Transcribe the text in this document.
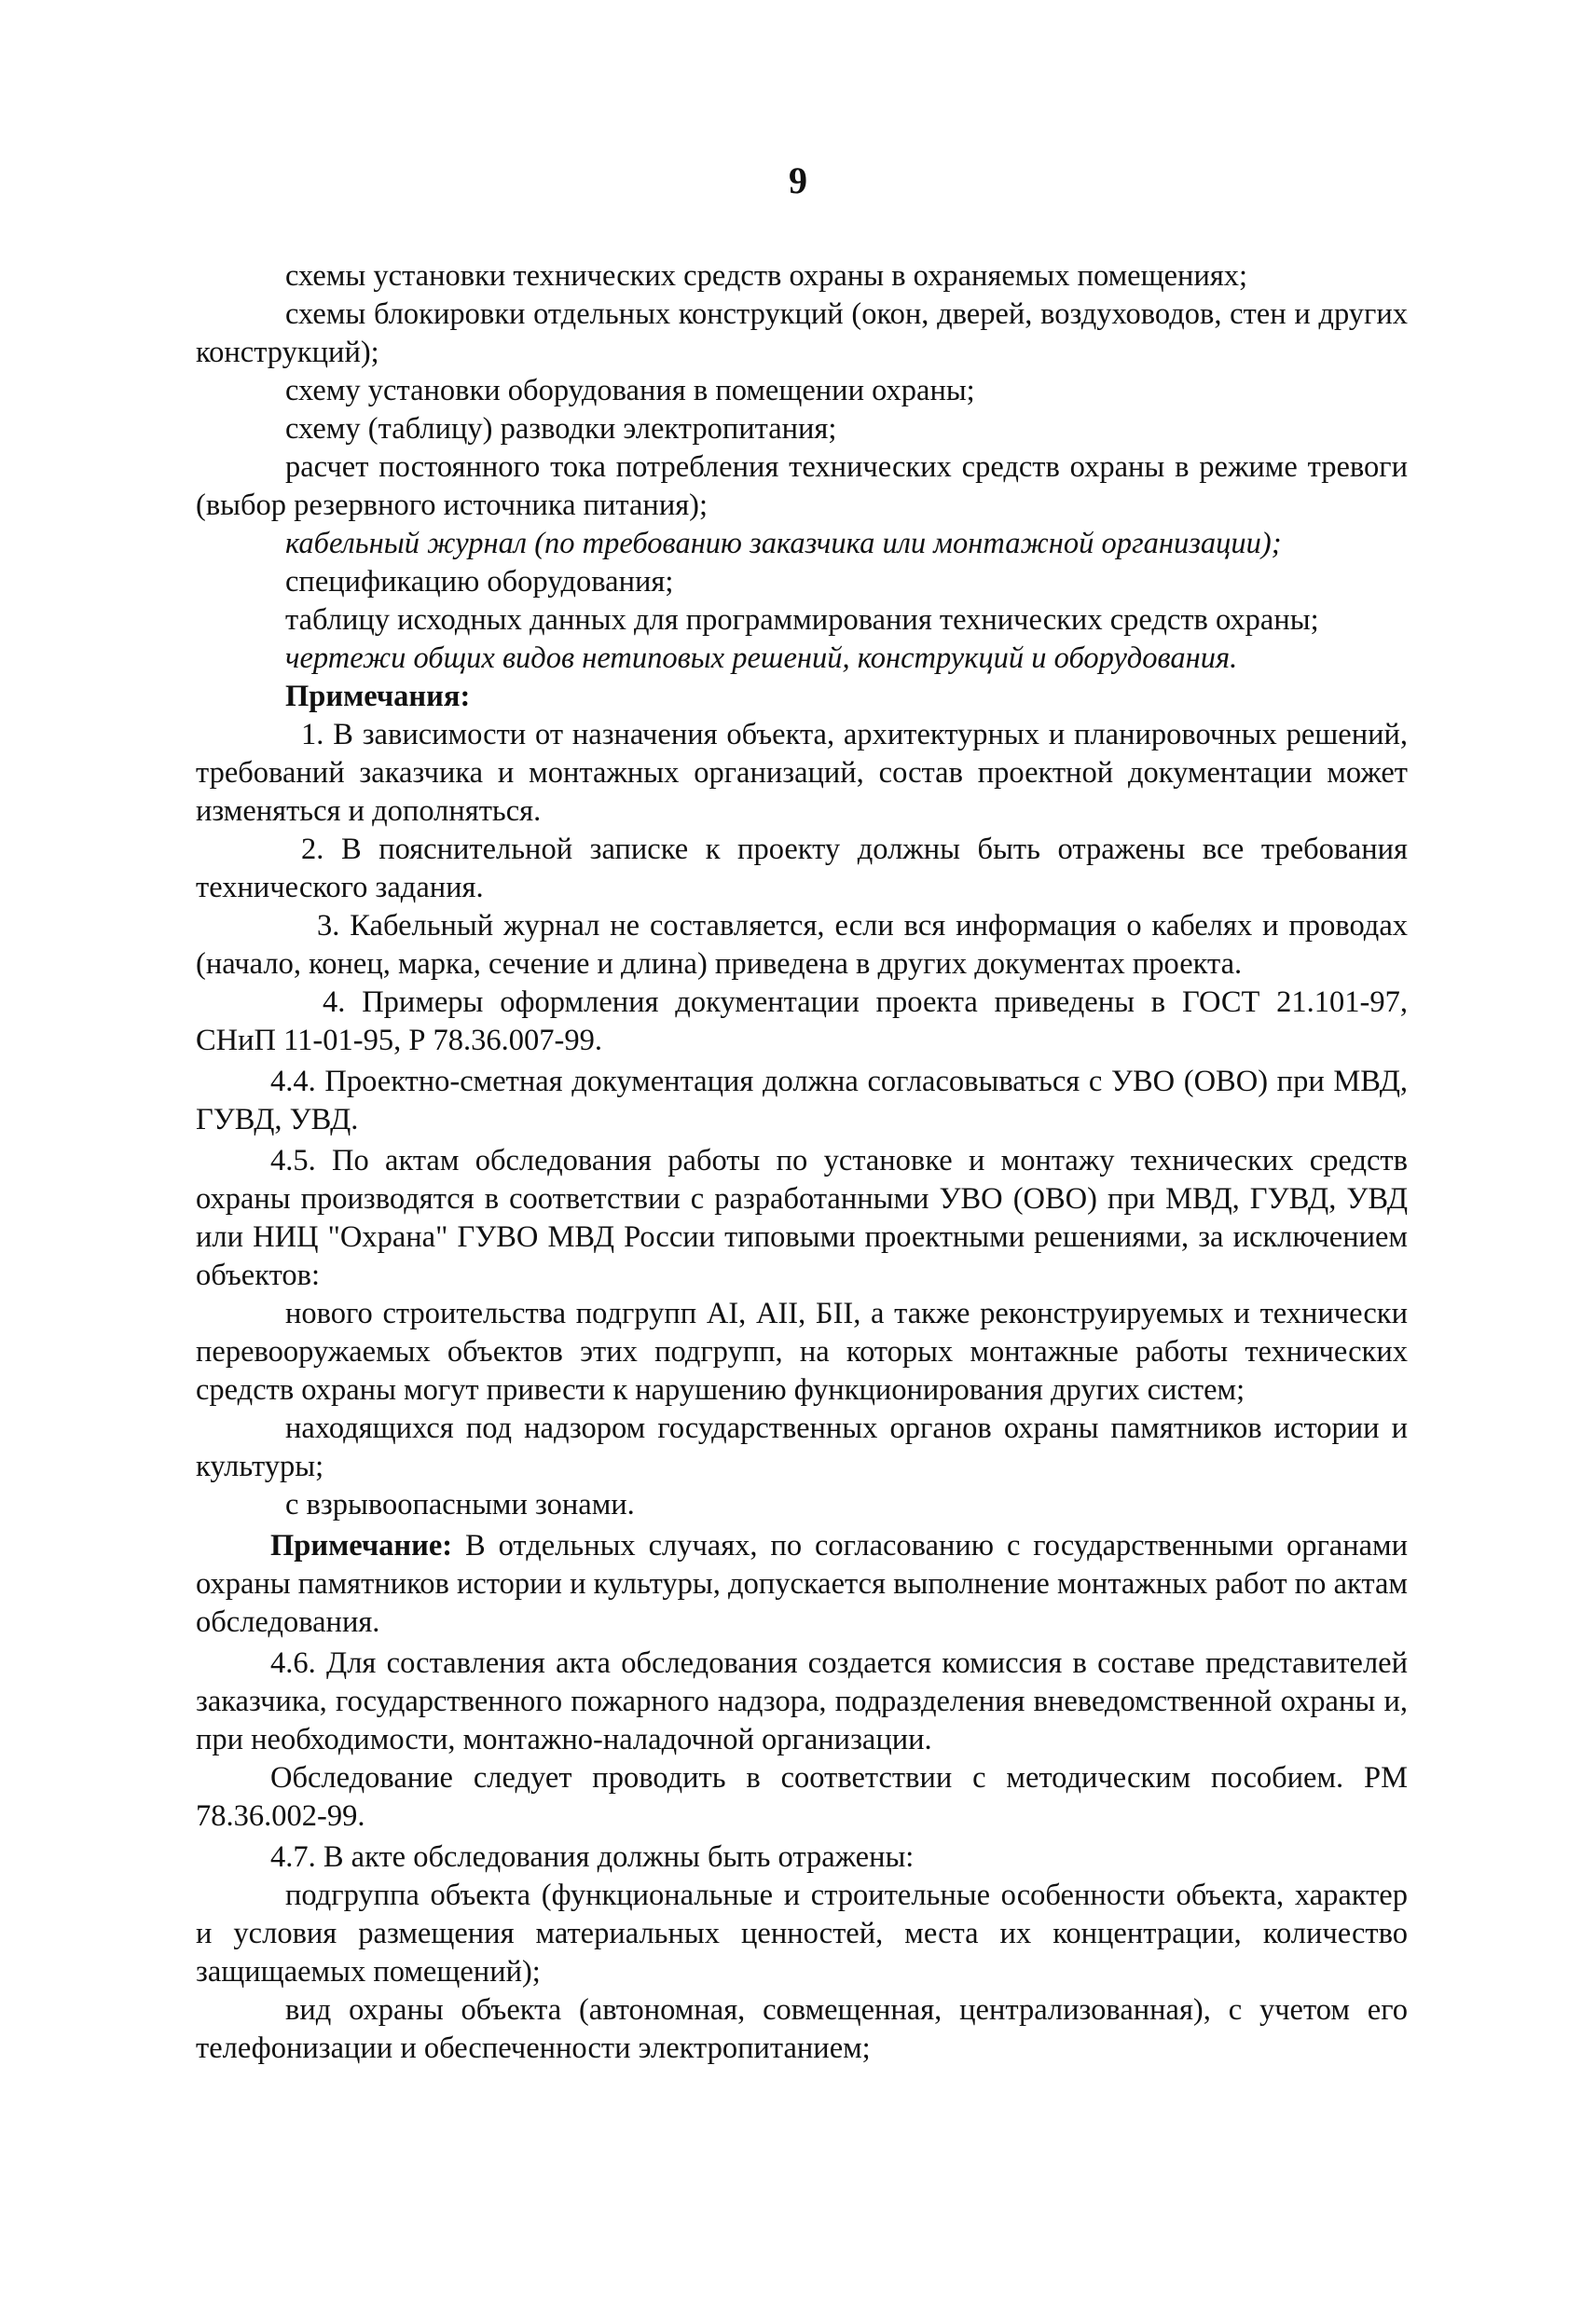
9

схемы установки технических средств охраны в охраняемых помещениях;

схемы блокировки отдельных конструкций (окон, дверей, воздуховодов, стен и других конструкций);

схему установки оборудования в помещении охраны;

схему (таблицу) разводки электропитания;

расчет постоянного тока потребления технических средств охраны в режиме тревоги (выбор резервного источника питания);

кабельный журнал (по требованию заказчика или монтажной организации);

спецификацию оборудования;

таблицу исходных данных для программирования технических средств охраны;

чертежи общих видов нетиповых решений, конструкций и оборудования.

Примечания:

1. В зависимости от назначения объекта, архитектурных и планировочных решений, требований заказчика и монтажных организаций, состав проектной документации может изменяться и дополняться.

2. В пояснительной записке к проекту должны быть отражены все требования технического задания.

3. Кабельный журнал не составляется, если вся информация о кабелях и проводах (начало, конец, марка, сечение и длина) приведена в других документах проекта.

4. Примеры оформления документации проекта приведены в ГОСТ 21.101-97, СНиП 11-01-95, Р 78.36.007-99.

4.4. Проектно-сметная документация должна согласовываться с УВО (ОВО) при МВД, ГУВД, УВД.

4.5. По актам обследования работы по установке и монтажу технических средств охраны производятся в соответствии с разработанными УВО (ОВО) при МВД, ГУВД, УВД или НИЦ "Охрана" ГУВО МВД России типовыми проектными решениями, за исключением объектов:

нового строительства подгрупп АI, АII, БII, а также реконструируемых и технически перевооружаемых объектов этих подгрупп, на которых монтажные работы технических средств охраны могут привести к нарушению функционирования других систем;

находящихся под надзором государственных органов охраны памятников истории и культуры;

с взрывоопасными зонами.

Примечание: В отдельных случаях, по согласованию с государственными органами охраны памятников истории и культуры, допускается выполнение монтажных работ по актам обследования.

4.6. Для составления акта обследования создается комиссия в составе представителей заказчика, государственного пожарного надзора, подразделения вневедомственной охраны и, при необходимости, монтажно-наладочной организации.

Обследование следует проводить в соответствии с методическим пособием. РМ 78.36.002-99.

4.7. В акте обследования должны быть отражены:

подгруппа объекта (функциональные и строительные особенности объекта, характер и условия размещения материальных ценностей, места их концентрации, количество защищаемых помещений);

вид охраны объекта (автономная, совмещенная, централизованная), с учетом его телефонизации и обеспеченности электропитанием;
